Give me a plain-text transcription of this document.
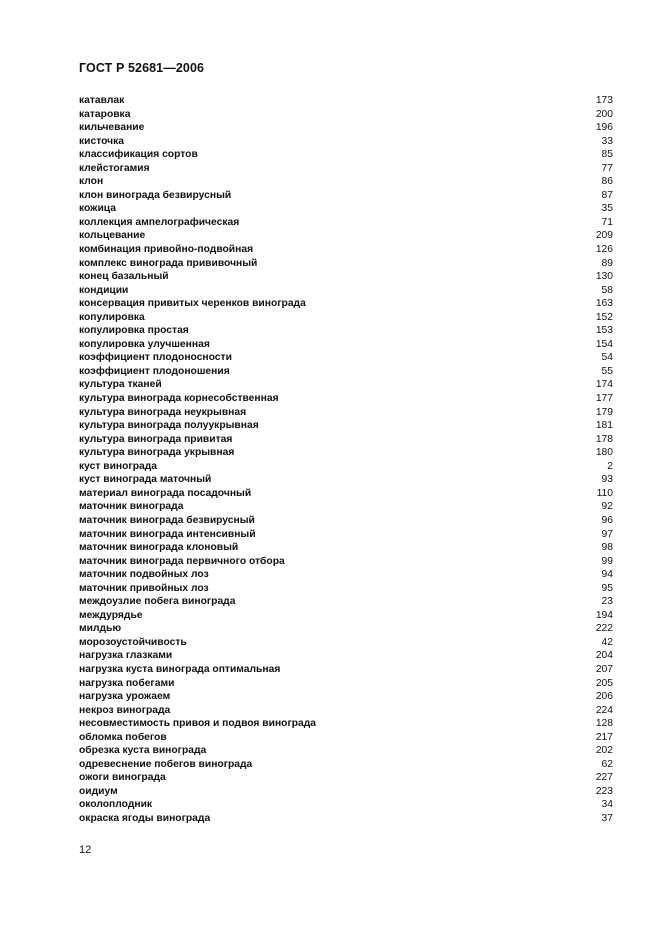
ГОСТ Р 52681—2006
катавлак	173
катаровка	200
кильчевание	196
кисточка	33
классификация сортов	85
клейстогамия	77
клон	86
клон винограда безвирусный	87
кожица	35
коллекция ампелографическая	71
кольцевание	209
комбинация привойно-подвойная	126
комплекс винограда прививочный	89
конец базальный	130
кондиции	58
консервация привитых черенков винограда	163
копулировка	152
копулировка простая	153
копулировка улучшенная	154
коэффициент плодоносности	54
коэффициент плодоношения	55
культура тканей	174
культура винограда корнесобственная	177
культура винограда неукрывная	179
культура винограда полуукрывная	181
культура винограда привитая	178
культура винограда укрывная	180
куст винограда	2
куст винограда маточный	93
материал винограда посадочный	110
маточник винограда	92
маточник винограда безвирусный	96
маточник винограда интенсивный	97
маточник винограда клоновый	98
маточник винограда первичного отбора	99
маточник подвойных лоз	94
маточник привойных лоз	95
междоузлие побега винограда	23
междурядье	194
милдью	222
морозоустойчивость	42
нагрузка глазками	204
нагрузка куста винограда оптимальная	207
нагрузка побегами	205
нагрузка урожаем	206
некроз винограда	224
несовместимость привоя и подвоя винограда	128
обломка побегов	217
обрезка куста винограда	202
одревеснение побегов винограда	62
ожоги винограда	227
оидиум	223
околоплодник	34
окраска ягоды винограда	37
12
